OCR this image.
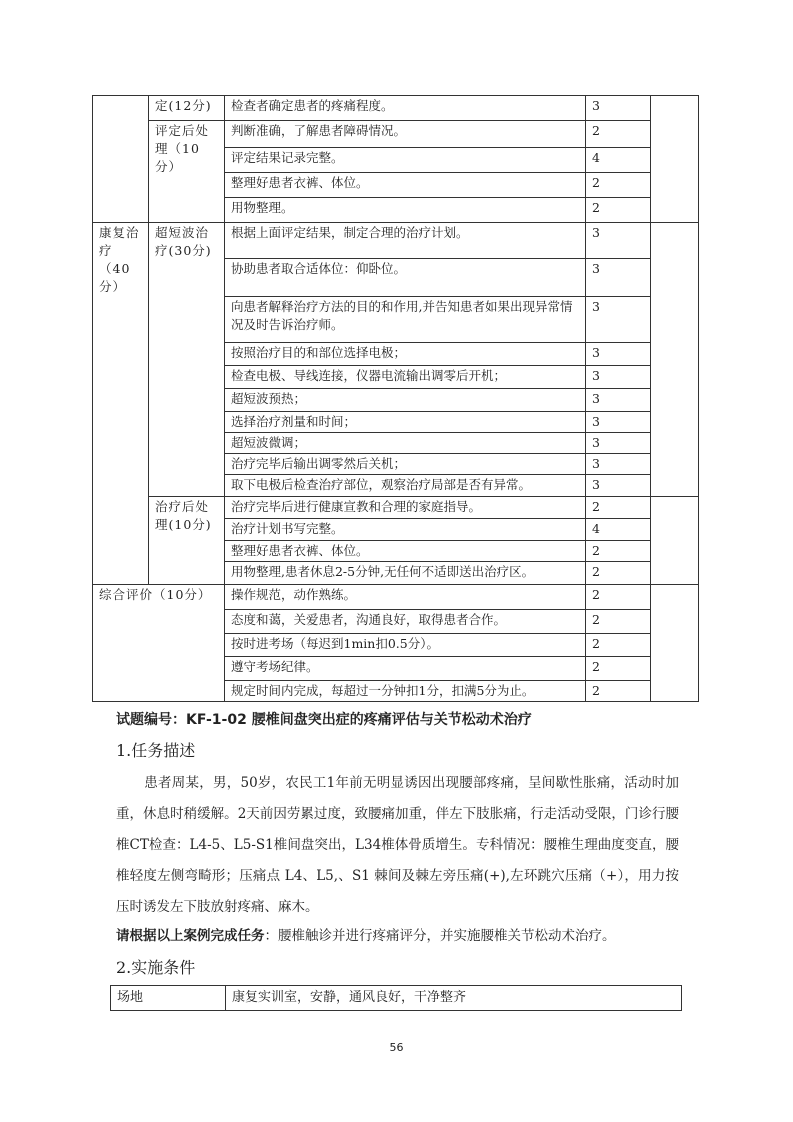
	定(12分)	检查者确定患者的疼痛程度。	3	
	评定后处理（10分）	判断准确，了解患者障碍情况。	2	
		评定结果记录完整。	4	
		整理好患者衣裤、体位。	2	
		用物整理。	2	
康复治疗（40分）	超短波治疗(30分)	根据上面评定结果，制定合理的治疗计划。	3	
		协助患者取合适体位：仰卧位。	3	
		向患者解释治疗方法的目的和作用,并告知患者如果出现异常情况及时告诉治疗师。	3	
		按照治疗目的和部位选择电极；	3	
		检查电极、导线连接，仪器电流输出调零后开机；	3	
		超短波预热；	3	
		选择治疗剂量和时间；	3	
		超短波微调；	3	
		治疗完毕后输出调零然后关机；	3	
		取下电极后检查治疗部位，观察治疗局部是否有异常。	3	
	治疗后处理(10分)	治疗完毕后进行健康宣教和合理的家庭指导。	2	
		治疗计划书写完整。	4	
		整理好患者衣裤、体位。	2	
		用物整理,患者休息2-5分钟,无任何不适即送出治疗区。	2	
综合评价（10分）		操作规范，动作熟练。	2	
		态度和蔼，关爱患者，沟通良好，取得患者合作。	2	
		按时进考场（每迟到1min扣0.5分）。	2	
		遵守考场纪律。	2	
		规定时间内完成，每超过一分钟扣1分，扣满5分为止。	2	
试题编号：KF-1-02 腰椎间盘突出症的疼痛评估与关节松动术治疗
1.任务描述
患者周某，男，50岁，农民工1年前无明显诱因出现腰部疼痛，呈间歇性胀痛，活动时加重，休息时稍缓解。2天前因劳累过度，致腰痛加重，伴左下肢胀痛，行走活动受限，门诊行腰椎CT检查：L4-5、L5-S1椎间盘突出，L34椎体骨质增生。专科情况：腰椎生理曲度变直，腰椎轻度左侧弯畸形；压痛点 L4、L5,、S1 棘间及棘左旁压痛(+),左环跳穴压痛（+），用力按压时诱发左下肢放射疼痛、麻木。
请根据以上案例完成任务：腰椎触诊并进行疼痛评分，并实施腰椎关节松动术治疗。
2.实施条件
场地	康复实训室，安静，通风良好，干净整齐
56
